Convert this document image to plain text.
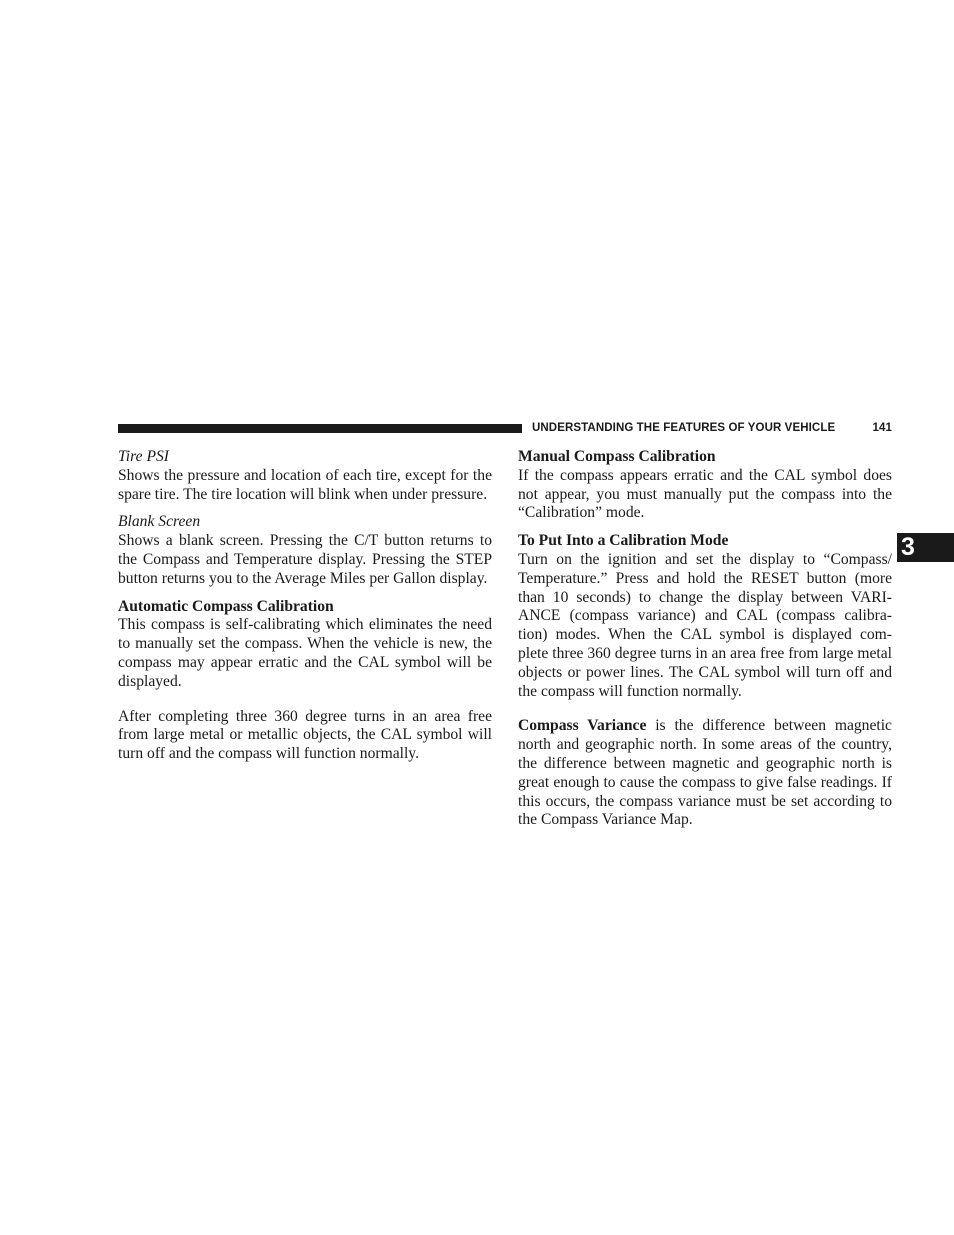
UNDERSTANDING THE FEATURES OF YOUR VEHICLE	141
3
Tire PSI

Shows the pressure and location of each tire, except for the spare tire. The tire location will blink when under pressure.

Blank Screen

Shows a blank screen. Pressing the C/T button returns to the Compass and Temperature display. Pressing the STEP button returns you to the Average Miles per Gallon display.

Automatic Compass Calibration

This compass is self-calibrating which eliminates the need to manually set the compass. When the vehicle is new, the compass may appear erratic and the CAL symbol will be displayed.

After completing three 360 degree turns in an area free from large metal or metallic objects, the CAL symbol will turn off and the compass will function normally.

Manual Compass Calibration

If the compass appears erratic and the CAL symbol does not appear, you must manually put the compass into the “Calibration” mode.

To Put Into a Calibration Mode

Turn on the ignition and set the display to “Compass/ Temperature.” Press and hold the RESET button (more than 10 seconds) to change the display between VARI- ANCE (compass variance) and CAL (compass calibra- tion) modes. When the CAL symbol is displayed com- plete three 360 degree turns in an area free from large metal objects or power lines. The CAL symbol will turn off and the compass will function normally.

Compass Variance is the difference between magnetic north and geographic north. In some areas of the country, the difference between magnetic and geographic north is great enough to cause the compass to give false readings. If this occurs, the compass variance must be set according to the Compass Variance Map.
